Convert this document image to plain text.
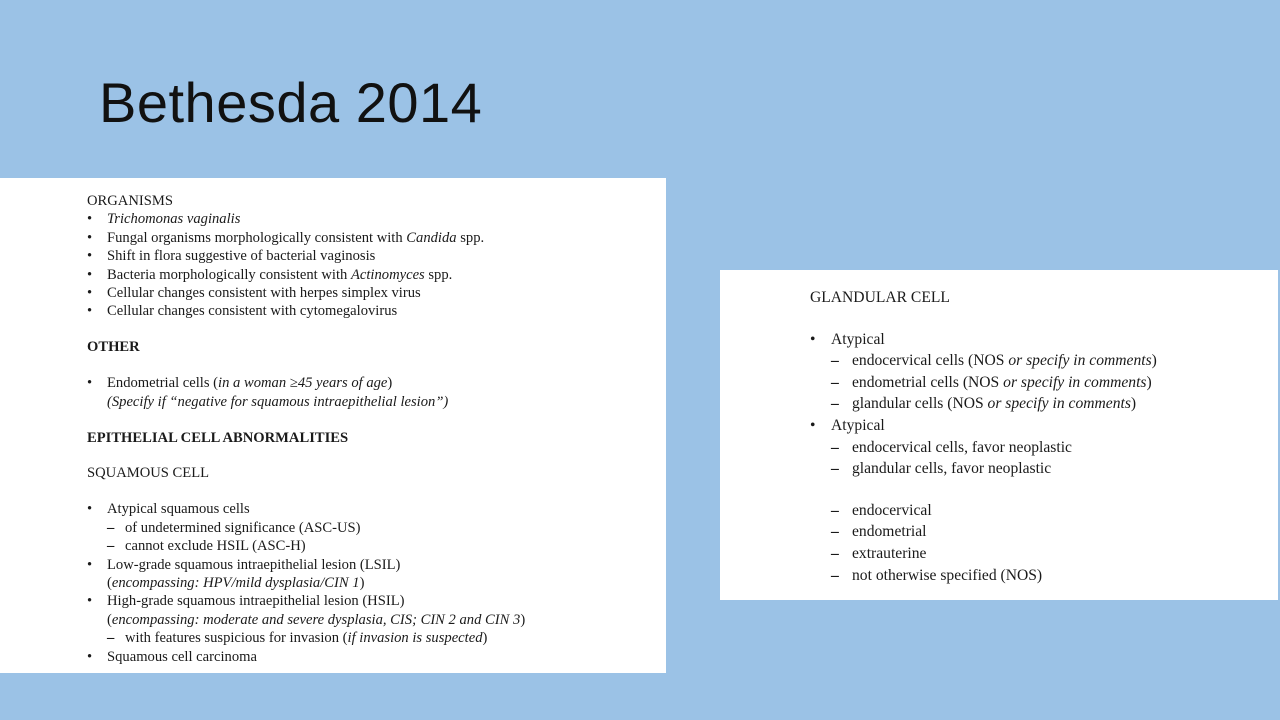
Bethesda 2014
ORGANISMS
•	Trichomonas vaginalis
•	Fungal organisms morphologically consistent with Candida spp.
•	Shift in flora suggestive of bacterial vaginosis
•	Bacteria morphologically consistent with Actinomyces spp.
•	Cellular changes consistent with herpes simplex virus
•	Cellular changes consistent with cytomegalovirus
OTHER
•	Endometrial cells (in a woman ≥45 years of age)
(Specify if “negative for squamous intraepithelial lesion”)
EPITHELIAL CELL ABNORMALITIES
SQUAMOUS CELL
•	Atypical squamous cells
– of undetermined significance (ASC-US)
– cannot exclude HSIL (ASC-H)
•	Low-grade squamous intraepithelial lesion (LSIL)
(encompassing: HPV/mild dysplasia/CIN 1)
•	High-grade squamous intraepithelial lesion (HSIL)
(encompassing: moderate and severe dysplasia, CIS; CIN 2 and CIN 3)
– with features suspicious for invasion (if invasion is suspected)
•	Squamous cell carcinoma
GLANDULAR CELL
• Atypical
– endocervical cells (NOS or specify in comments)
– endometrial cells (NOS or specify in comments)
– glandular cells (NOS or specify in comments)
• Atypical
– endocervical cells, favor neoplastic
– glandular cells, favor neoplastic
– endocervical
– endometrial
– extrauterine
– not otherwise specified (NOS)
